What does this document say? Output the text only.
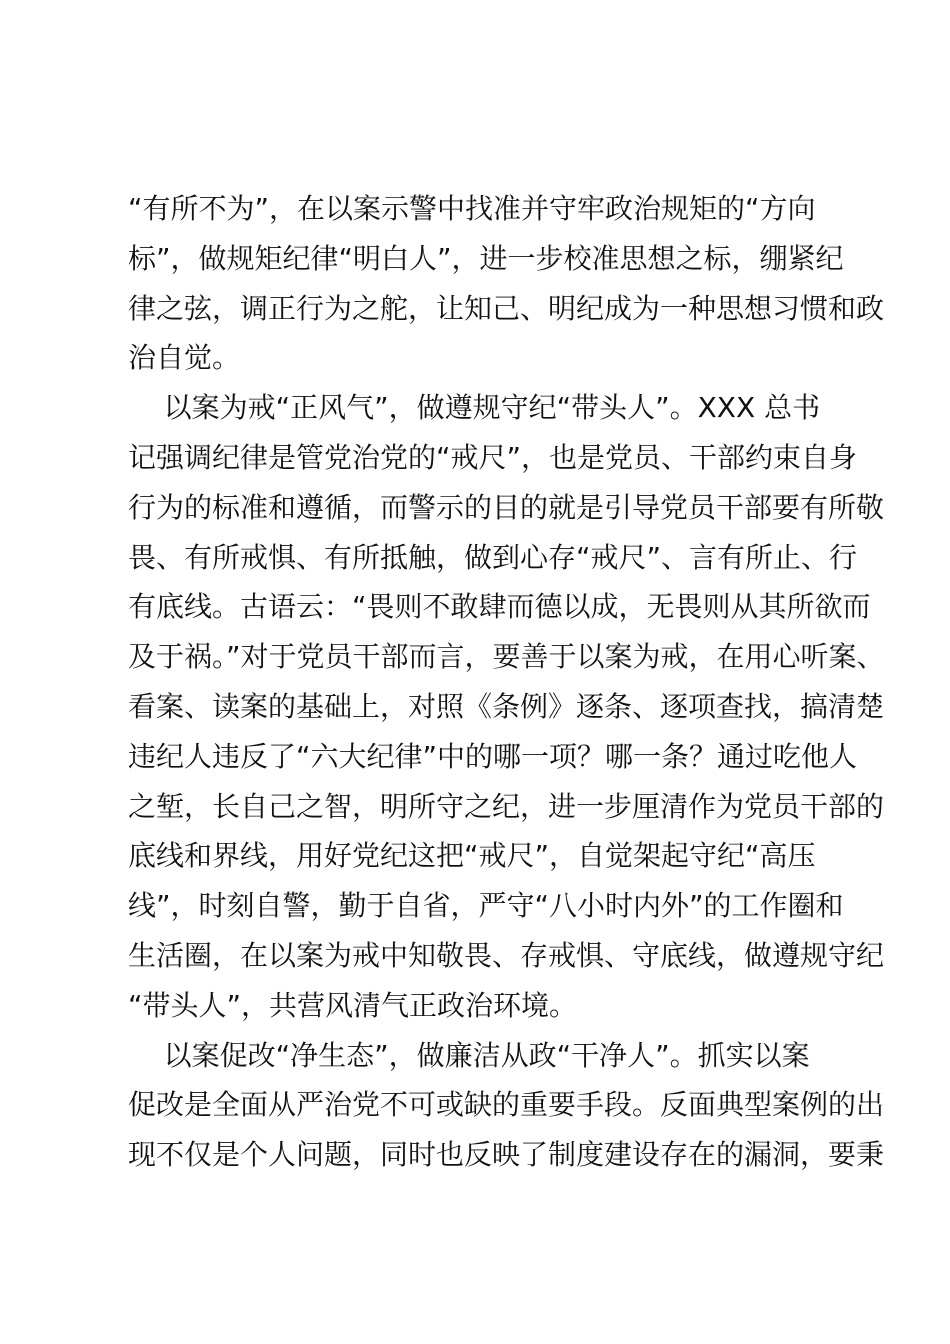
“有所不为”，在以案示警中找准并守牢政治规矩的“方向
标”，做规矩纪律“明白人”，进一步校准思想之标，绷紧纪
律之弦，调正行为之舵，让知己、明纪成为一种思想习惯和政
治自觉。
以案为戒“正风气”，做遵规守纪“带头人”。XXX 总书
记强调纪律是管党治党的“戒尺”，也是党员、干部约束自身
行为的标准和遵循，而警示的目的就是引导党员干部要有所敬
畏、有所戒惧、有所抵触，做到心存“戒尺”、言有所止、行
有底线。古语云：“畏则不敢肆而德以成，无畏则从其所欲而
及于祸。”对于党员干部而言，要善于以案为戒，在用心听案、
看案、读案的基础上，对照《条例》逐条、逐项查找，搞清楚
违纪人违反了“六大纪律”中的哪一项？哪一条？通过吃他人
之堑，长自己之智，明所守之纪，进一步厘清作为党员干部的
底线和界线，用好党纪这把“戒尺”，自觉架起守纪“高压
线”，时刻自警，勤于自省，严守“八小时内外”的工作圈和
生活圈，在以案为戒中知敬畏、存戒惧、守底线，做遵规守纪
“带头人”，共营风清气正政治环境。
以案促改“净生态”，做廉洁从政“干净人”。抓实以案
促改是全面从严治党不可或缺的重要手段。反面典型案例的出
现不仅是个人问题，同时也反映了制度建设存在的漏洞，要秉
